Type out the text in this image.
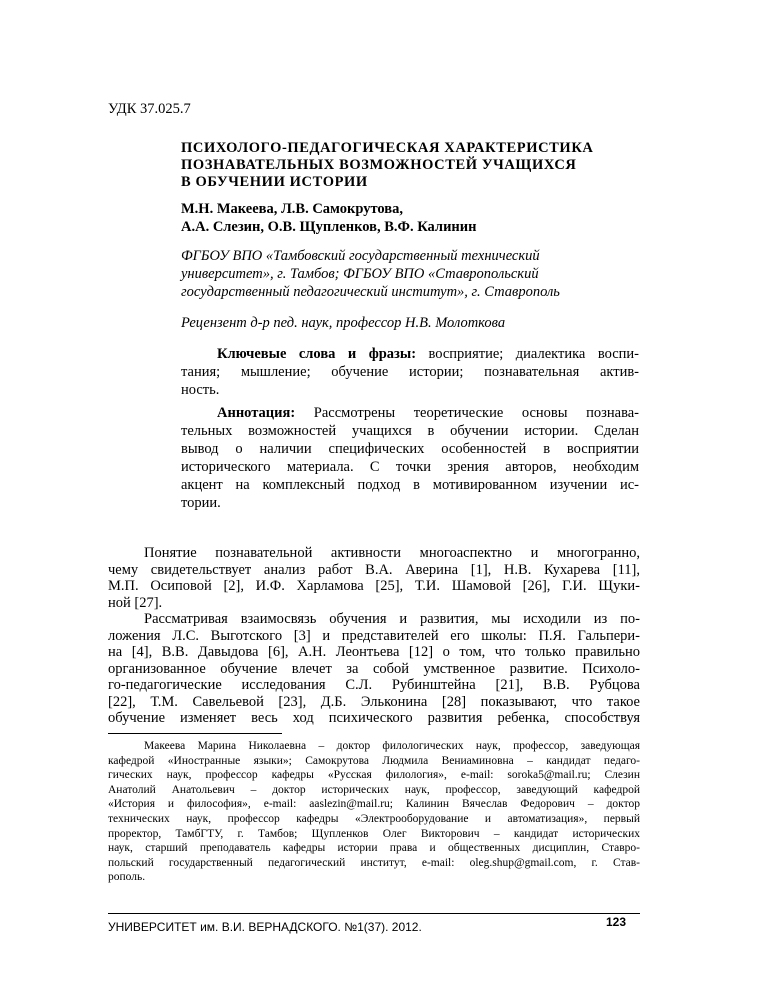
УДК 37.025.7
ПСИХОЛОГО-ПЕДАГОГИЧЕСКАЯ ХАРАКТЕРИСТИКА
ПОЗНАВАТЕЛЬНЫХ ВОЗМОЖНОСТЕЙ УЧАЩИХСЯ
В ОБУЧЕНИИ ИСТОРИИ
М.Н. Макеева, Л.В. Самокрутова,
А.А. Слезин, О.В. Щупленков, В.Ф. Калинин
ФГБОУ ВПО «Тамбовский государственный технический
университет», г. Тамбов; ФГБОУ ВПО «Ставропольский
государственный педагогический институт», г. Ставрополь
Рецензент д-р пед. наук, профессор Н.В. Молоткова
Ключевые слова и фразы: восприятие; диалектика воспи-
тания; мышление; обучение истории; познавательная актив-
ность.
Аннотация: Рассмотрены теоретические основы познава-
тельных возможностей учащихся в обучении истории. Сделан
вывод о наличии специфических особенностей в восприятии
исторического материала. С точки зрения авторов, необходим
акцент на комплексный подход в мотивированном изучении ис-
тории.
Понятие познавательной активности многоаспектно и многогранно,
чему свидетельствует анализ работ В.А. Аверина [1], Н.В. Кухарева [11],
М.П. Осиповой [2], И.Ф. Харламова [25], Т.И. Шамовой [26], Г.И. Щуки-
ной [27].
Рассматривая взаимосвязь обучения и развития, мы исходили из по-
ложения Л.С. Выготского [3] и представителей его школы: П.Я. Гальпери-
на [4], В.В. Давыдова [6], А.Н. Леонтьева [12] о том, что только правильно
организованное обучение влечет за собой умственное развитие. Психоло-
го-педагогические исследования С.Л. Рубинштейна [21], В.В. Рубцова
[22], Т.М. Савельевой [23], Д.Б. Эльконина [28] показывают, что такое
обучение изменяет весь ход психического развития ребенка, способствуя
Макеева Марина Николаевна – доктор филологических наук, профессор, заведующая
кафедрой «Иностранные языки»; Самокрутова Людмила Вениаминовна – кандидат педаго-
гических наук, профессор кафедры «Русская филология», e-mail: soroka5@mail.ru; Слезин
Анатолий Анатольевич – доктор исторических наук, профессор, заведующий кафедрой
«История и философия», e-mail: aaslezin@mail.ru; Калинин Вячеслав Федорович – доктор
технических наук, профессор кафедры «Электрооборудование и автоматизация», первый
проректор, ТамбГТУ, г. Тамбов; Щупленков Олег Викторович – кандидат исторических
наук, старший преподаватель кафедры истории права и общественных дисциплин, Ставро-
польский государственный педагогический институт, e-mail: oleg.shup@gmail.com, г. Став-
рополь.
УНИВЕРСИТЕТ им. В.И. ВЕРНАДСКОГО. №1(37). 2012.	123
